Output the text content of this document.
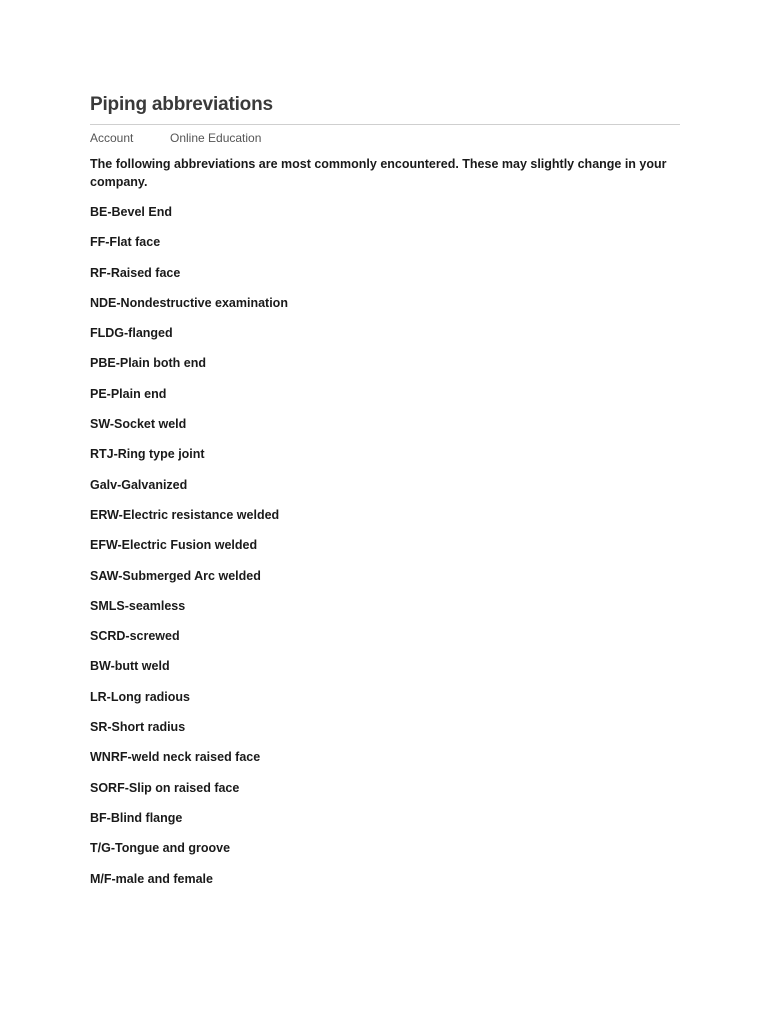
Piping abbreviations
Account	Online Education

The following abbreviations are most commonly encountered. These may slightly change in your company.

BE-Bevel End
FF-Flat face
RF-Raised face
NDE-Nondestructive examination
FLDG-flanged
PBE-Plain both end
PE-Plain end
SW-Socket weld
RTJ-Ring type joint
Galv-Galvanized
ERW-Electric resistance welded
EFW-Electric Fusion welded
SAW-Submerged Arc welded
SMLS-seamless
SCRD-screwed
BW-butt weld
LR-Long radious
SR-Short radius
WNRF-weld neck raised face
SORF-Slip on raised face
BF-Blind flange
T/G-Tongue and groove
M/F-male and female
